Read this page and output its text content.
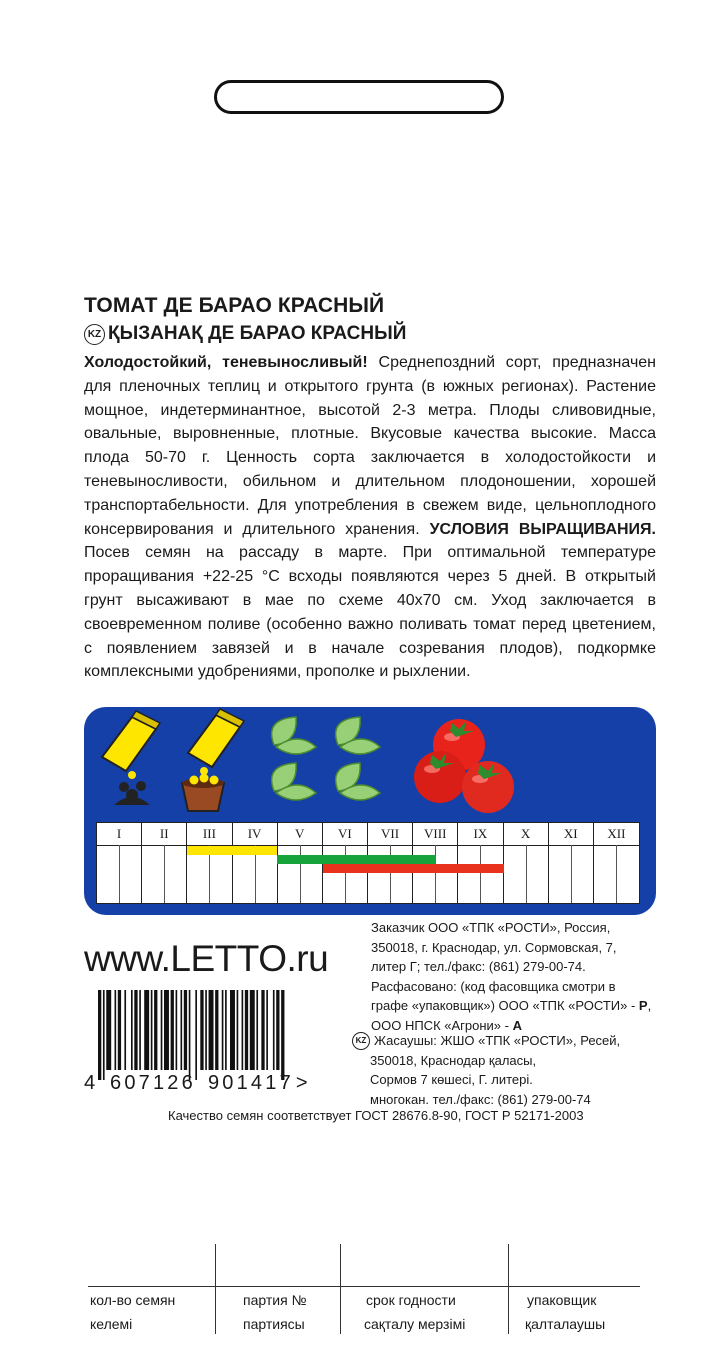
ТОМАТ ДЕ БАРАО КРАСНЫЙ
KZ ҚЫЗАНАҚ ДЕ БАРАО КРАСНЫЙ
Холодостойкий, теневыносливый! Среднепоздний сорт, предназначен для пленочных теплиц и открытого грунта (в южных регионах). Растение мощное, индетерминантное, высотой 2-3 метра. Плоды сливовидные, овальные, выровненные, плотные. Вкусовые качества высокие. Масса плода 50-70 г. Ценность сорта заключается в холодостойкости и теневыносливости, обильном и длительном плодоношении, хорошей транспортабельности. Для употребления в свежем виде, цельноплодного консервирования и длительного хранения. УСЛОВИЯ ВЫРАЩИВАНИЯ. Посев семян на рассаду в марте. При оптимальной температуре проращивания +22-25 °С всходы появляются через 5 дней. В открытый грунт высаживают в мае по схеме 40х70 см. Уход заключается в своевременном поливе (особенно важно поливать томат перед цветением, с появлением завязей и в начале созревания плодов), подкормке комплексными удобрениями, прополке и рыхлении.
I	II	III	IV	V	VI	VII	VIII	IX	X	XI	XII
www.LETTO.ru
4 607126 901417 >

Заказчик ООО «ТПК «РОСТИ», Россия,

350018, г. Краснодар, ул. Сормовская, 7,

литер Г; тел./факс: (861) 279-00-74.

Расфасовано: (код фасовщика смотри в

графе «упаковщик») ООО «ТПК «РОСТИ» - Р,

ООО НПСК «Агрони» - А

KZ Жасаушы: ЖШО «ТПК «РОСТИ», Ресей,
350018, Краснодар қаласы,
Сормов 7 көшесі, Г. литері.
многокан. тел./факс: (861) 279-00-74
Качество семян соответствует ГОСТ 28676.8-90, ГОСТ Р 52171-2003
кол-во семян	партия №	срок годности	упаковщик
келемі	партиясы	сақталу мерзімі	қалталаушы
